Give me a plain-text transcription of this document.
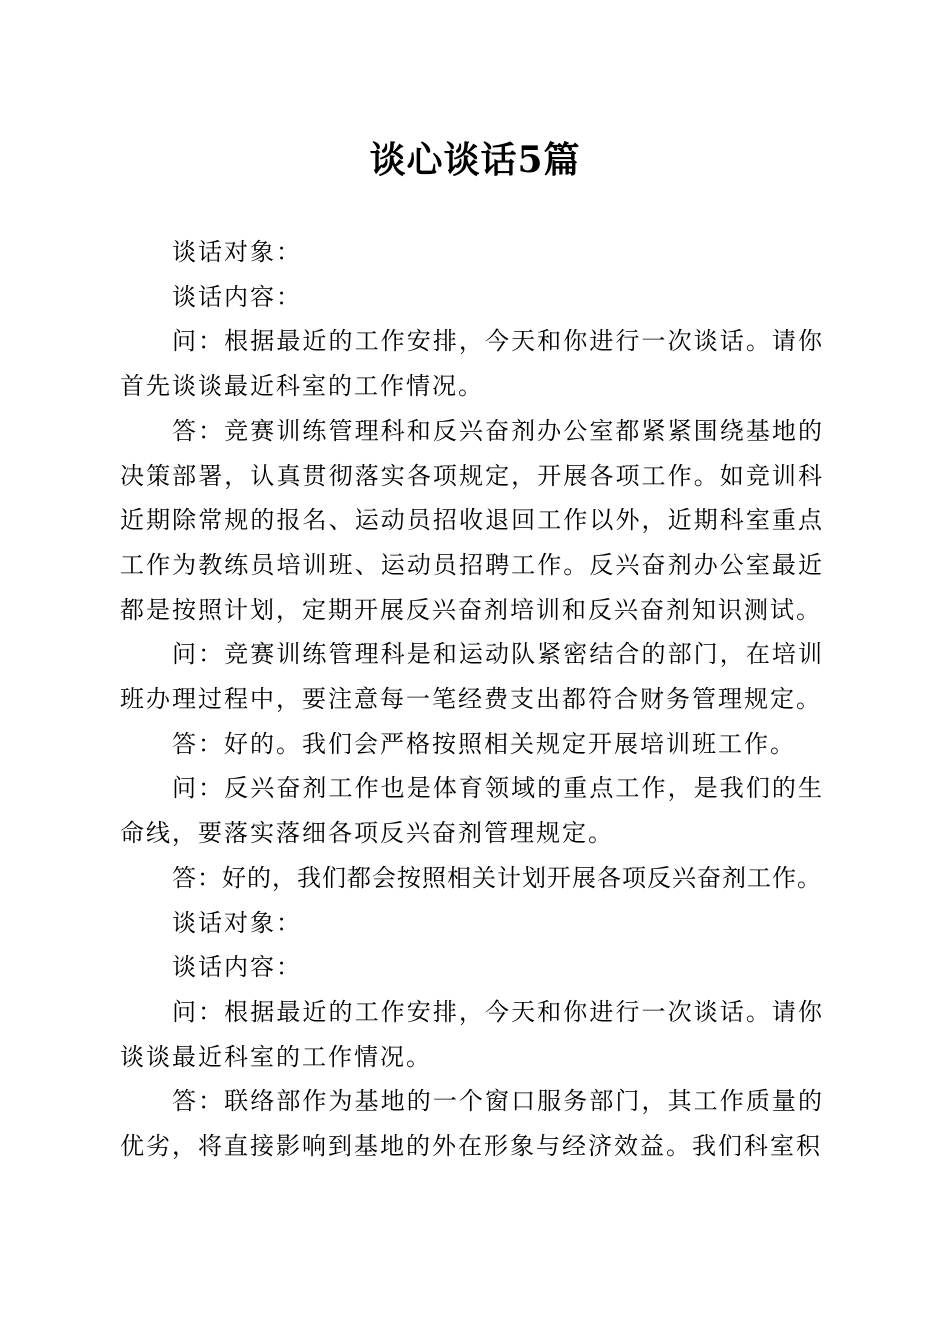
谈心谈话5篇

谈话对象：

谈话内容：

问：根据最近的工作安排，今天和你进行一次谈话。请你首先谈谈最近科室的工作情况。

答：竞赛训练管理科和反兴奋剂办公室都紧紧围绕基地的决策部署，认真贯彻落实各项规定，开展各项工作。如竞训科近期除常规的报名、运动员招收退回工作以外，近期科室重点工作为教练员培训班、运动员招聘工作。反兴奋剂办公室最近都是按照计划，定期开展反兴奋剂培训和反兴奋剂知识测试。

问：竞赛训练管理科是和运动队紧密结合的部门，在培训班办理过程中，要注意每一笔经费支出都符合财务管理规定。

答：好的。我们会严格按照相关规定开展培训班工作。

问：反兴奋剂工作也是体育领域的重点工作，是我们的生命线，要落实落细各项反兴奋剂管理规定。

答：好的，我们都会按照相关计划开展各项反兴奋剂工作。

谈话对象：

谈话内容：

问：根据最近的工作安排，今天和你进行一次谈话。请你谈谈最近科室的工作情况。

答：联络部作为基地的一个窗口服务部门，其工作质量的优劣，将直接影响到基地的外在形象与经济效益。我们科室积
